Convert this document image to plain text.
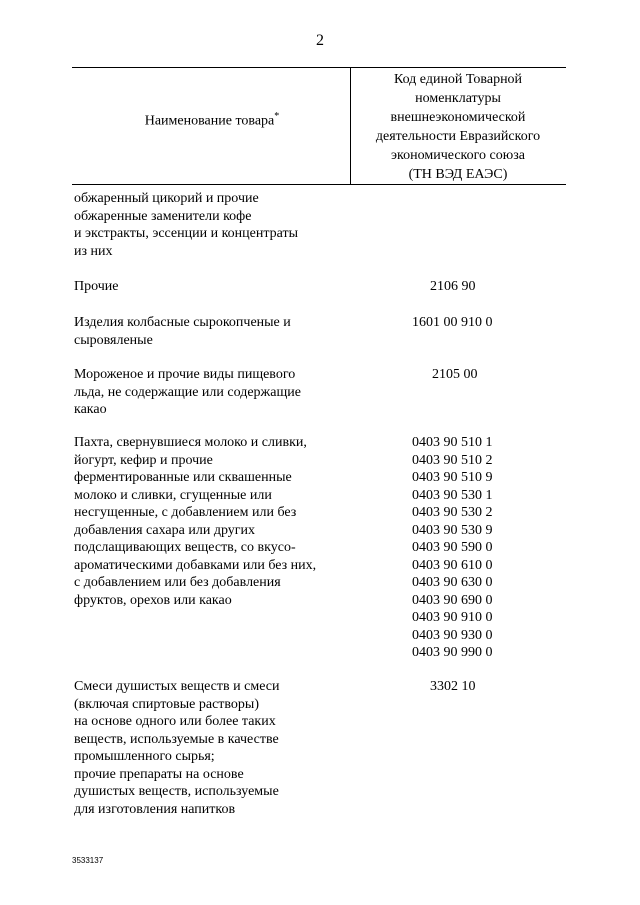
2
Наименование товара*
Код единой Товарной
номенклатуры
внешнеэкономической
деятельности Евразийского
экономического союза
(ТН ВЭД ЕАЭС)
обжаренный цикорий и прочие
обжаренные заменители кофе
и экстракты, эссенции и концентраты
из них
Прочие	2106 90
Изделия колбасные сырокопченые и
сыровяленые
1601 00 910 0
Мороженое и прочие виды пищевого
льда, не содержащие или содержащие
какао
2105 00
Пахта, свернувшиеся молоко и сливки,
йогурт, кефир и прочие
ферментированные или сквашенные
молоко и сливки, сгущенные или
несгущенные, с добавлением или без
добавления сахара или других
подслащивающих веществ, со вкусо-
ароматическими добавками или без них,
с добавлением или без добавления
фруктов, орехов или какао
0403 90 510 1
0403 90 510 2
0403 90 510 9
0403 90 530 1
0403 90 530 2
0403 90 530 9
0403 90 590 0
0403 90 610 0
0403 90 630 0
0403 90 690 0
0403 90 910 0
0403 90 930 0
0403 90 990 0
Смеси душистых веществ и смеси
(включая спиртовые растворы)
на основе одного или более таких
веществ, используемые в качестве
промышленного сырья;
прочие препараты на основе
душистых веществ, используемые
для изготовления напитков
3302 10
3533137
